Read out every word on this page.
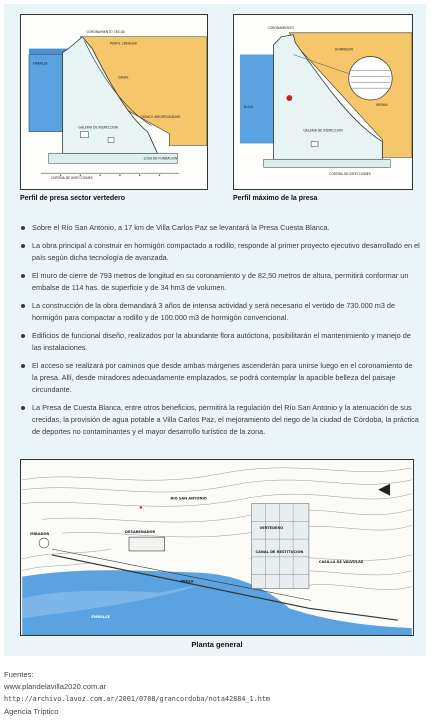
CORONAMIENTO 783,00
PERFIL CREAGER
CANAL
CUENCO AMORTIGUADOR
GALERIA DE INSPECCION
LOSA DE FUNDACION
CORTINA DE INYECCIONES
EMBALSE
Perfil de presa sector vertedero
CORONAMIENTO
HORMIGON
BERMA
GALERIA DE INSPECCION
CORTINA DE INYECCIONES
N.A.N.
Perfil máximo de la presa
Sobre el Río San Antonio, a 17 km de Villa Carlos Paz se levantará la Presa Cuesta Blanca.
La obra principal a construir en hormigón compactado a rodillo, responde al primer proyecto ejecutivo desarrollado en el país según dicha tecnología de avanzada.
El muro de cierre de 793 metros de longitud en su coronamiento y de 82,50 metros de altura, permitirá conformar un embalse de 114 has. de superficie y de 34 hm3 de volumen.
La construcción de la obra demandará 3 años de intensa actividad y será necesario el vertido de 730.000 m3 de hormigón para compactar a rodillo y de 100.000 m3 de hormigón convencional.
Edificios de funcional diseño, realizados por la abundante flora autóctona, posibilitarán el mantenimiento y manejo de las instalaciones.
El acceso se realizará por caminos que desde ambas márgenes ascenderán para unirse luego en el coronamiento de la presa. Allí, desde miradores adecuadamente emplazados, se podrá contemplar la apacible belleza del paisaje circundante.
La Presa de Cuesta Blanca, entre otros beneficios, permitirá la regulación del Río San Antonio y la atenuación de sus crecidas, la provisión de agua potable a Villa Carlos Paz, el mejoramiento del riego de la ciudad de Córdoba, la práctica de deportes no contaminantes y el mayor desarrollo turístico de la zona.
VERTEDERO
CANAL DE RESTITUCION
MIRADOR	DESARENADOR
CASILLA DE VALVULAS
RIO SAN ANTONIO
EMBALSE
PRESA
Planta general

Fuentes:

www.plandelavilla2020.com.ar

http://archivo.lavoz.com.ar/2001/0708/grancordoba/nota42884_1.htm

Agencia Tríptico
